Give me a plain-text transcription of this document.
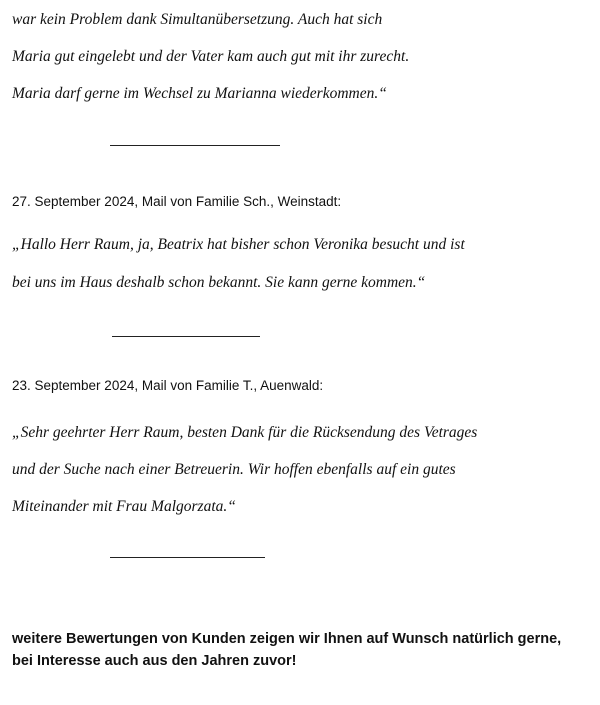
war kein Problem dank Simultanübersetzung. Auch hat sich
Maria gut eingelebt und der Vater kam auch gut mit ihr zurecht.
Maria darf gerne im Wechsel zu Marianna wiederkommen.“
27. September 2024, Mail von Familie Sch., Weinstadt:
„Hallo Herr Raum, ja, Beatrix hat bisher schon Veronika besucht und ist
bei uns im Haus deshalb schon bekannt. Sie kann gerne kommen.“
23. September 2024, Mail von Familie T., Auenwald:
„Sehr geehrter Herr Raum, besten Dank für die Rücksendung des Vetrages
und der Suche nach einer Betreuerin. Wir hoffen ebenfalls auf ein gutes
Miteinander mit Frau Malgorzata.“
weitere Bewertungen von Kunden zeigen wir Ihnen auf Wunsch natürlich gerne,
bei Interesse auch aus den Jahren zuvor!
